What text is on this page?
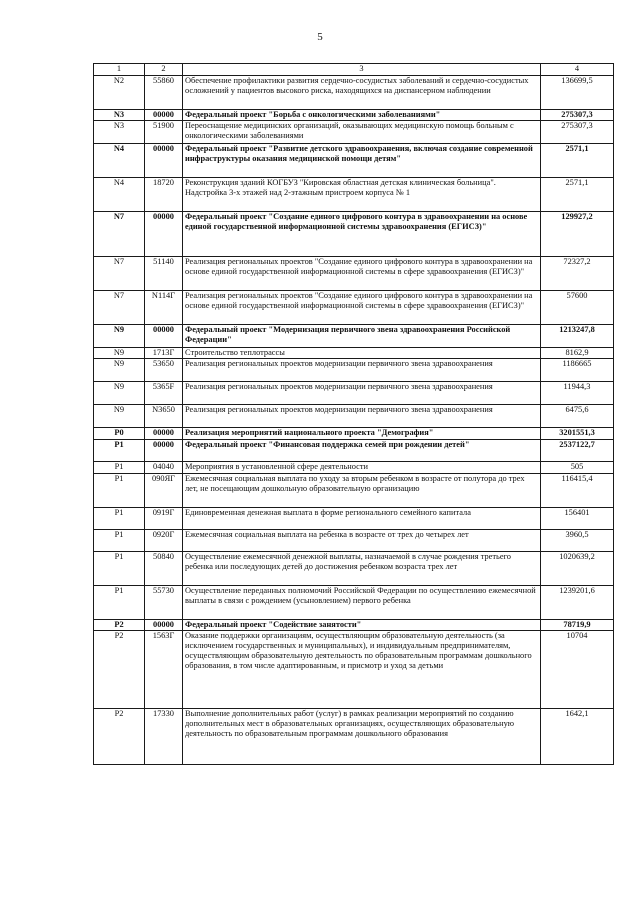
5
1	2	3	4
N2	55860	Обеспечение профилактики развития сердечно-сосудистых заболеваний и сердечно-сосудистых осложнений у пациентов высокого риска, находящихся на диспансерном наблюдении	136699,5
N3	00000	Федеральный проект "Борьба с онкологическими заболеваниями"	275307,3
N3	51900	Переоснащение медицинских организаций, оказывающих медицинскую помощь больным с онкологическими заболеваниями	275307,3
N4	00000	Федеральный проект "Развитие детского здравоохранения, включая создание современной инфраструктуры оказания медицинской помощи детям"	2571,1
N4	18720	Реконструкция зданий КОГБУЗ "Кировская областная детская клиническая больница". Надстройка 3-х этажей над 2-этажным пристроем корпуса № 1	2571,1
N7	00000	Федеральный проект "Создание единого цифрового контура в здравоохранении на основе единой государственной информационной системы здравоохранения (ЕГИСЗ)"	129927,2
N7	51140	Реализация региональных проектов "Создание единого цифрового контура в здравоохранении на основе единой государственной информационной системы в сфере здравоохранения (ЕГИСЗ)"	72327,2
N7	N114Г	Реализация региональных проектов "Создание единого цифрового контура в здравоохранении на основе единой государственной информационной системы в сфере здравоохранения (ЕГИСЗ)"	57600
N9	00000	Федеральный проект "Модернизация первичного звена здравоохранения Российской Федерации"	1213247,8
N9	1713Г	Строительство теплотрассы	8162,9
N9	53650	Реализация региональных проектов модернизации первичного звена здравоохранения	1186665
N9	5365F	Реализация региональных проектов модернизации первичного звена здравоохранения	11944,3
N9	N3650	Реализация региональных проектов модернизации первичного звена здравоохранения	6475,6
P0	00000	Реализация мероприятий национального проекта "Демография"	3201551,3
P1	00000	Федеральный проект "Финансовая поддержка семей при рождении детей"	2537122,7
P1	04040	Мероприятия в установленной сфере деятельности	505
P1	090ЯГ	Ежемесячная социальная выплата по уходу за вторым ребенком в возрасте от полутора до трех лет, не посещающим дошкольную образовательную организацию	116415,4
P1	0919Г	Единовременная денежная выплата в форме регионального семейного капитала	156401
P1	0920Г	Ежемесячная социальная выплата на ребенка в возрасте от трех до четырех лет	3960,5
P1	50840	Осуществление ежемесячной денежной выплаты, назначаемой в случае рождения третьего ребенка или последующих детей до достижения ребенком возраста трех лет	1020639,2
P1	55730	Осуществление переданных полномочий Российской Федерации по осуществлению ежемесячной выплаты в связи с рождением (усыновлением) первого ребенка	1239201,6
P2	00000	Федеральный проект "Содействие занятости"	78719,9
P2	1563Г	Оказание поддержки организациям, осуществляющим образовательную деятельность (за исключением государственных и муниципальных), и индивидуальным предпринимателям, осуществляющим образовательную деятельность по образовательным программам дошкольного образования, в том числе адаптированным, и присмотр и уход за детьми	10704
P2	17330	Выполнение дополнительных работ (услуг) в рамках реализации мероприятий по созданию дополнительных мест в образовательных организациях, осуществляющих образовательную деятельность по образовательным программам дошкольного образования	1642,1
